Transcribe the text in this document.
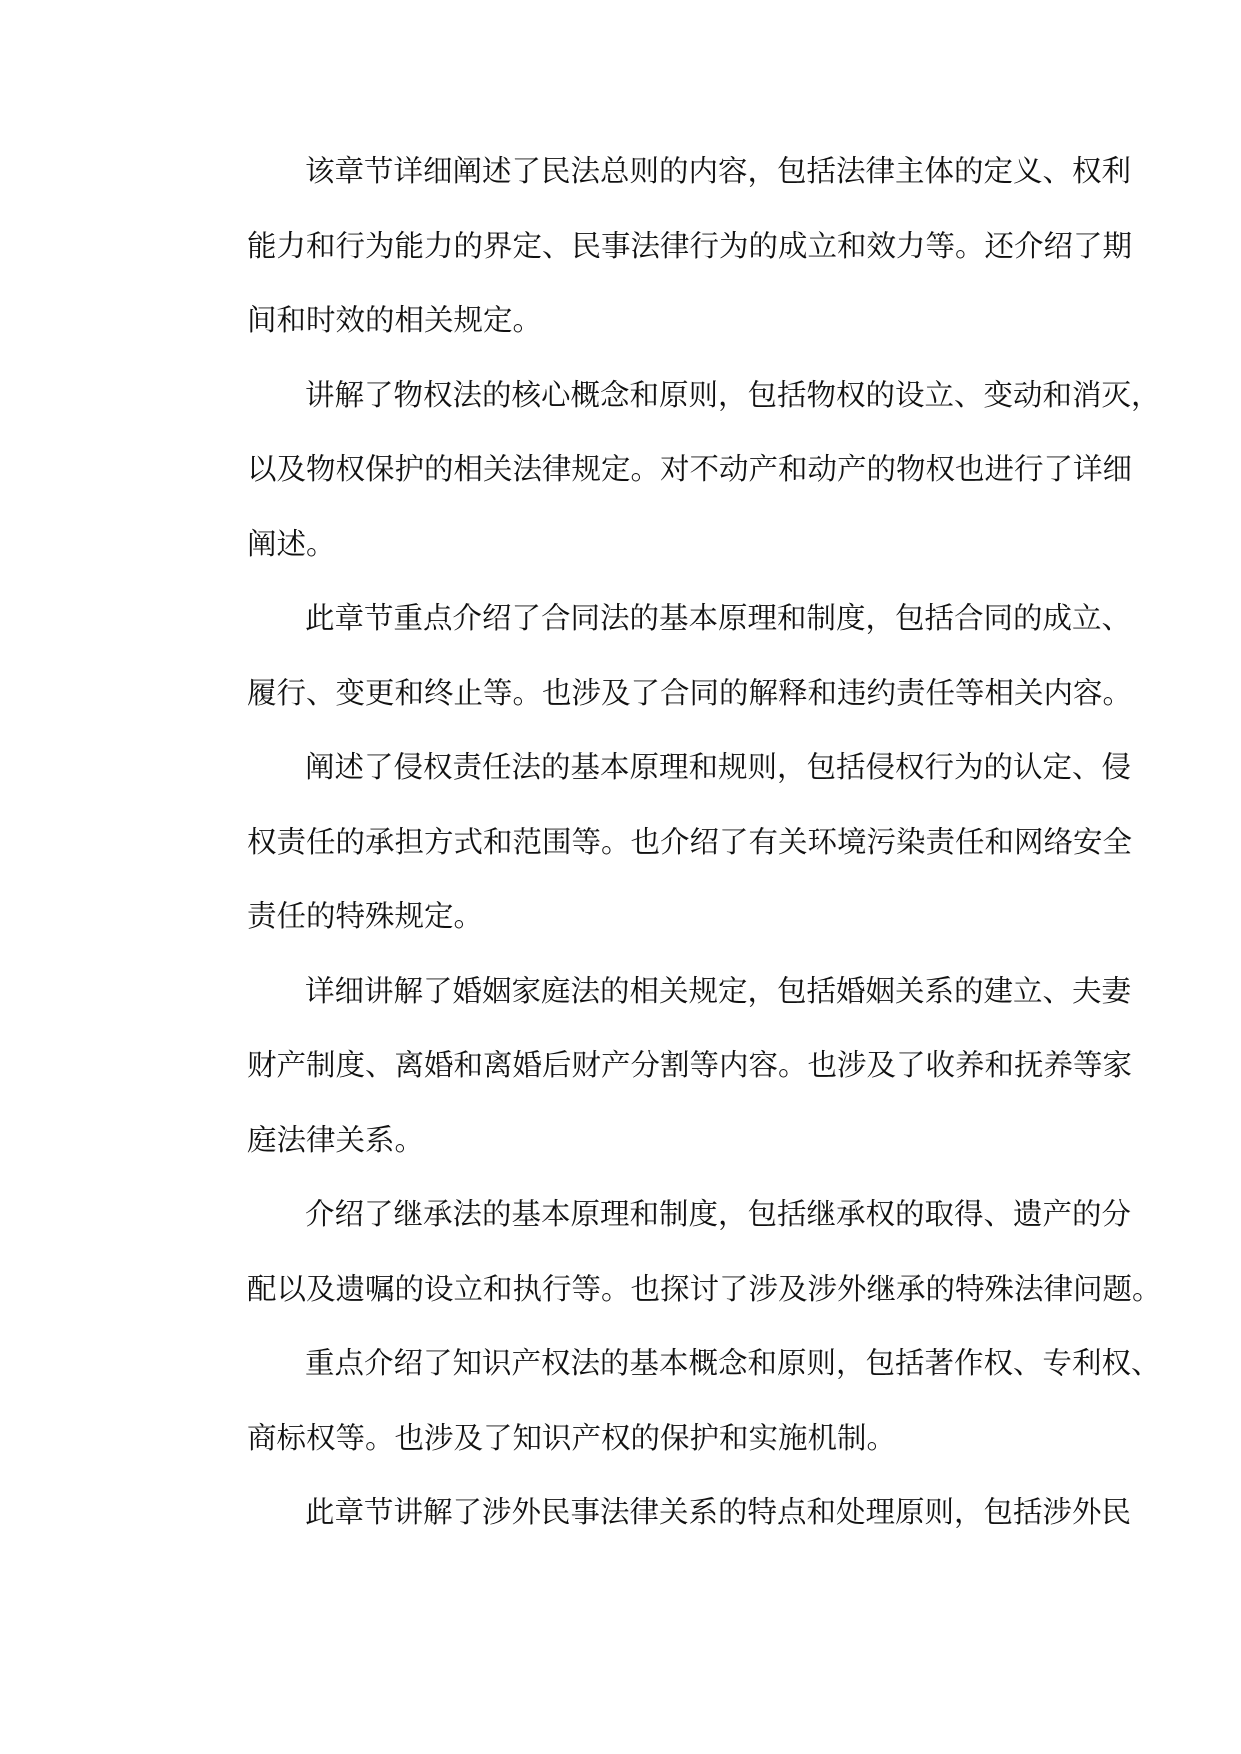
该章节详细阐述了民法总则的内容，包括法律主体的定义、权利
能力和行为能力的界定、民事法律行为的成立和效力等。还介绍了期
间和时效的相关规定。
讲解了物权法的核心概念和原则，包括物权的设立、变动和消灭，
以及物权保护的相关法律规定。对不动产和动产的物权也进行了详细
阐述。
此章节重点介绍了合同法的基本原理和制度，包括合同的成立、
履行、变更和终止等。也涉及了合同的解释和违约责任等相关内容。
阐述了侵权责任法的基本原理和规则，包括侵权行为的认定、侵
权责任的承担方式和范围等。也介绍了有关环境污染责任和网络安全
责任的特殊规定。
详细讲解了婚姻家庭法的相关规定，包括婚姻关系的建立、夫妻
财产制度、离婚和离婚后财产分割等内容。也涉及了收养和抚养等家
庭法律关系。
介绍了继承法的基本原理和制度，包括继承权的取得、遗产的分
配以及遗嘱的设立和执行等。也探讨了涉及涉外继承的特殊法律问题。
重点介绍了知识产权法的基本概念和原则，包括著作权、专利权、
商标权等。也涉及了知识产权的保护和实施机制。
此章节讲解了涉外民事法律关系的特点和处理原则，包括涉外民
